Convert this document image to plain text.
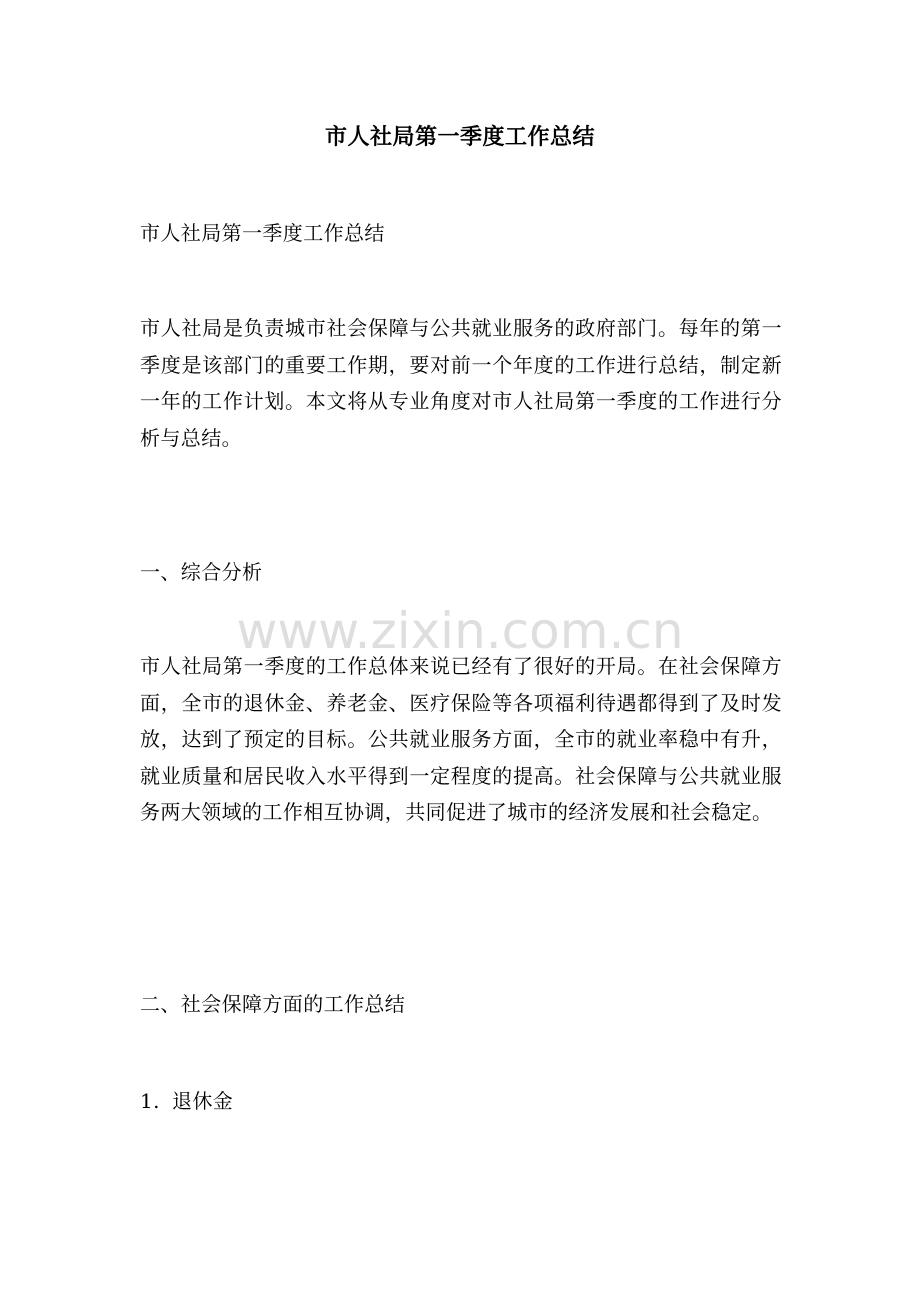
市人社局第一季度工作总结
市人社局第一季度工作总结
市人社局是负责城市社会保障与公共就业服务的政府部门。每年的第一季度是该部门的重要工作期，要对前一个年度的工作进行总结，制定新一年的工作计划。本文将从专业角度对市人社局第一季度的工作进行分析与总结。
一、综合分析
市人社局第一季度的工作总体来说已经有了很好的开局。在社会保障方面，全市的退休金、养老金、医疗保险等各项福利待遇都得到了及时发放，达到了预定的目标。公共就业服务方面，全市的就业率稳中有升，就业质量和居民收入水平得到一定程度的提高。社会保障与公共就业服务两大领域的工作相互协调，共同促进了城市的经济发展和社会稳定。
二、社会保障方面的工作总结
1. 退休金
www.zixin.com.cn
